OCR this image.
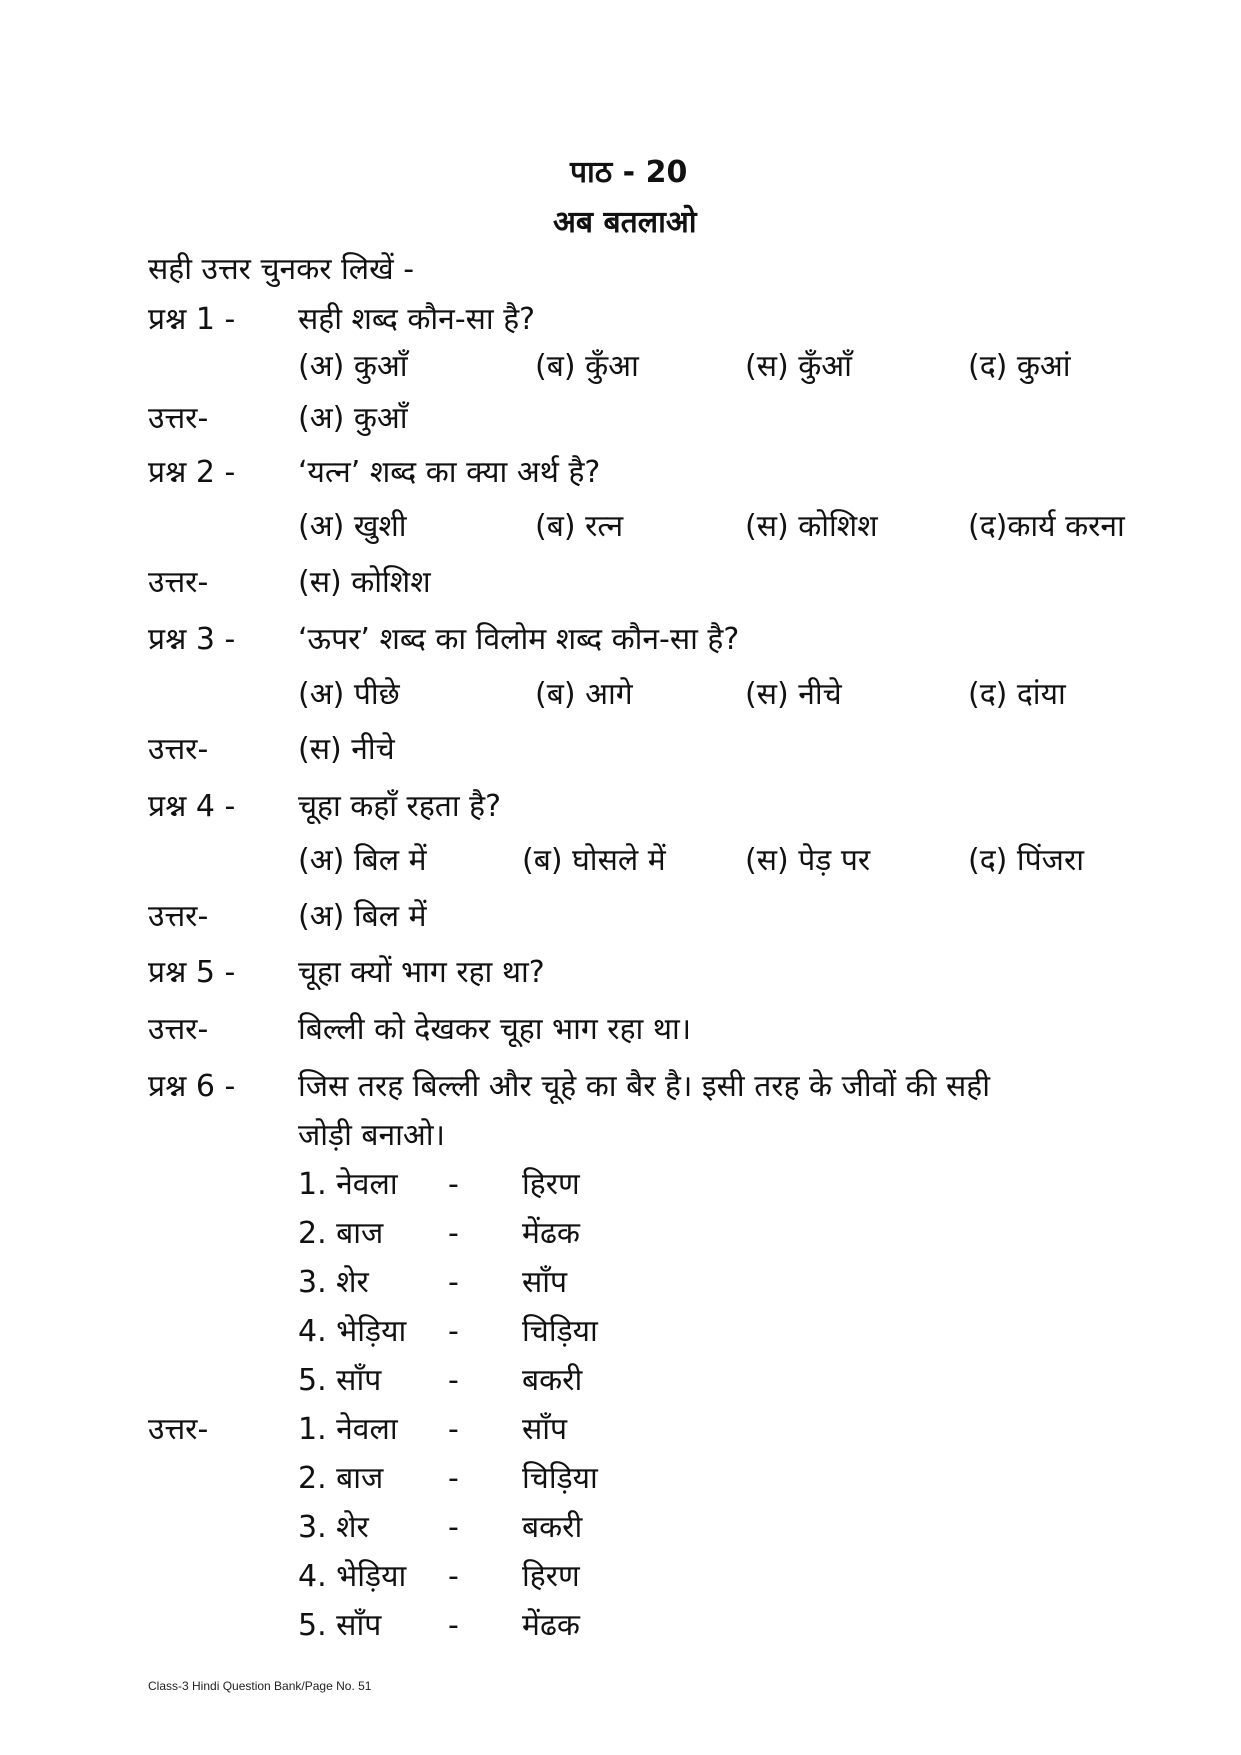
पाठ - 20
अब बतलाओ
सही उत्तर चुनकर लिखें -
प्रश्न 1 - सही शब्द कौन-सा है?
(अ) कुआँ	(ब) कुँआ	(स) कुँआँ	(द) कुआं
उत्तर-	(अ) कुआँ
प्रश्न 2 - ‘यत्न’ शब्द का क्या अर्थ है?
(अ) खुशी	(ब) रत्न	(स) कोशिश	(द)कार्य करना
उत्तर-	(स) कोशिश
प्रश्न 3 - ‘ऊपर’ शब्द का विलोम शब्द कौन-सा है?
(अ) पीछे	(ब) आगे	(स) नीचे	(द) दांया
उत्तर-	(स) नीचे
प्रश्न 4 - चूहा कहाँ रहता है?
(अ) बिल में	(ब) घोसले में	(स) पेड़ पर	(द) पिंजरा
उत्तर-	(अ) बिल में
प्रश्न 5 - चूहा क्यों भाग रहा था?
उत्तर-	बिल्ली को देखकर चूहा भाग रहा था।
प्रश्न 6 - जिस तरह बिल्ली और चूहे का बैर है। इसी तरह के जीवों की सही
जोड़ी बनाओ।
1. नेवला - हिरण
2. बाज - मेंढक
3. शेर	- साँप
4. भेड़िया - चिड़िया
5. साँप - बकरी
उत्तर-	1. नेवला - साँप
2. बाज - चिड़िया
3. शेर	- बकरी
4. भेड़िया - हिरण
5. साँप - मेंढक
Class-3 Hindi Question Bank/Page No. 51
